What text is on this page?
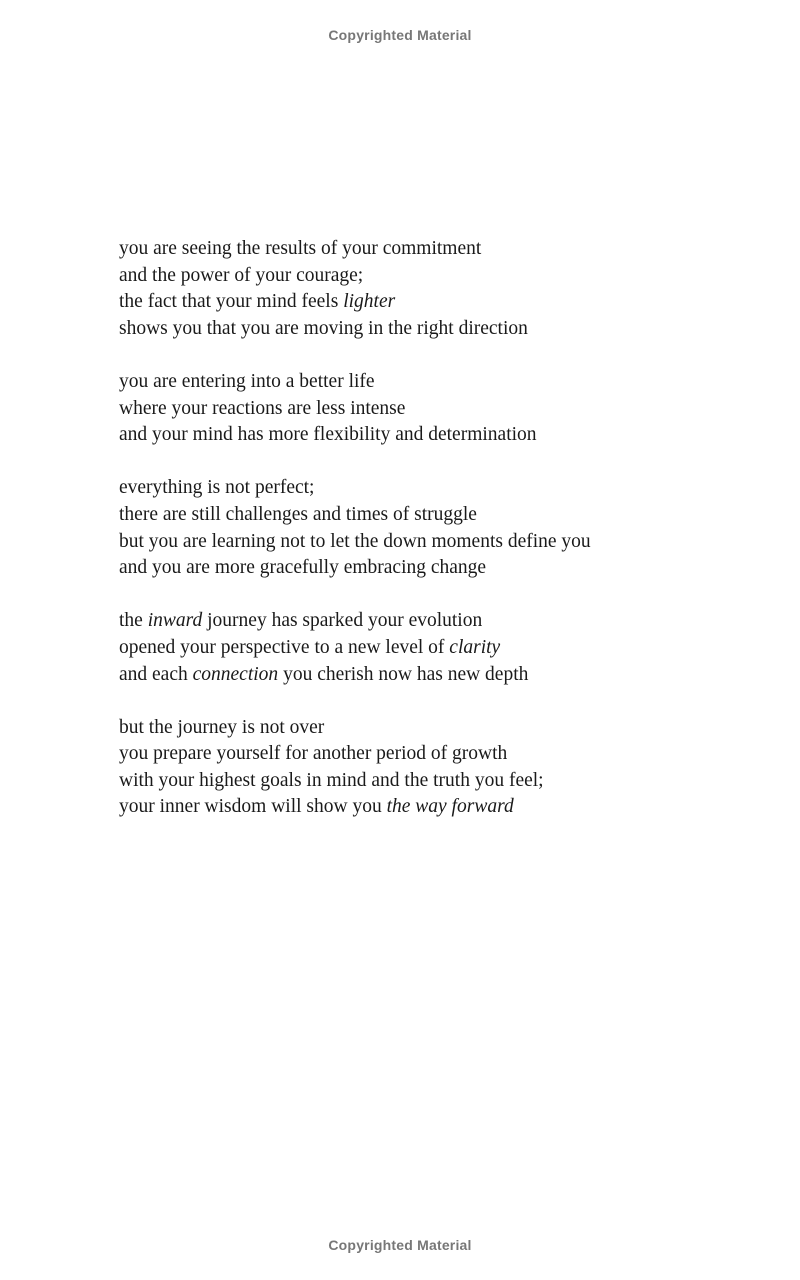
Copyrighted Material
you are seeing the results of your commitment
and the power of your courage;
the fact that your mind feels lighter
shows you that you are moving in the right direction
you are entering into a better life
where your reactions are less intense
and your mind has more flexibility and determination
everything is not perfect;
there are still challenges and times of struggle
but you are learning not to let the down moments define you
and you are more gracefully embracing change
the inward journey has sparked your evolution
opened your perspective to a new level of clarity
and each connection you cherish now has new depth
but the journey is not over
you prepare yourself for another period of growth
with your highest goals in mind and the truth you feel;
your inner wisdom will show you the way forward
Copyrighted Material
